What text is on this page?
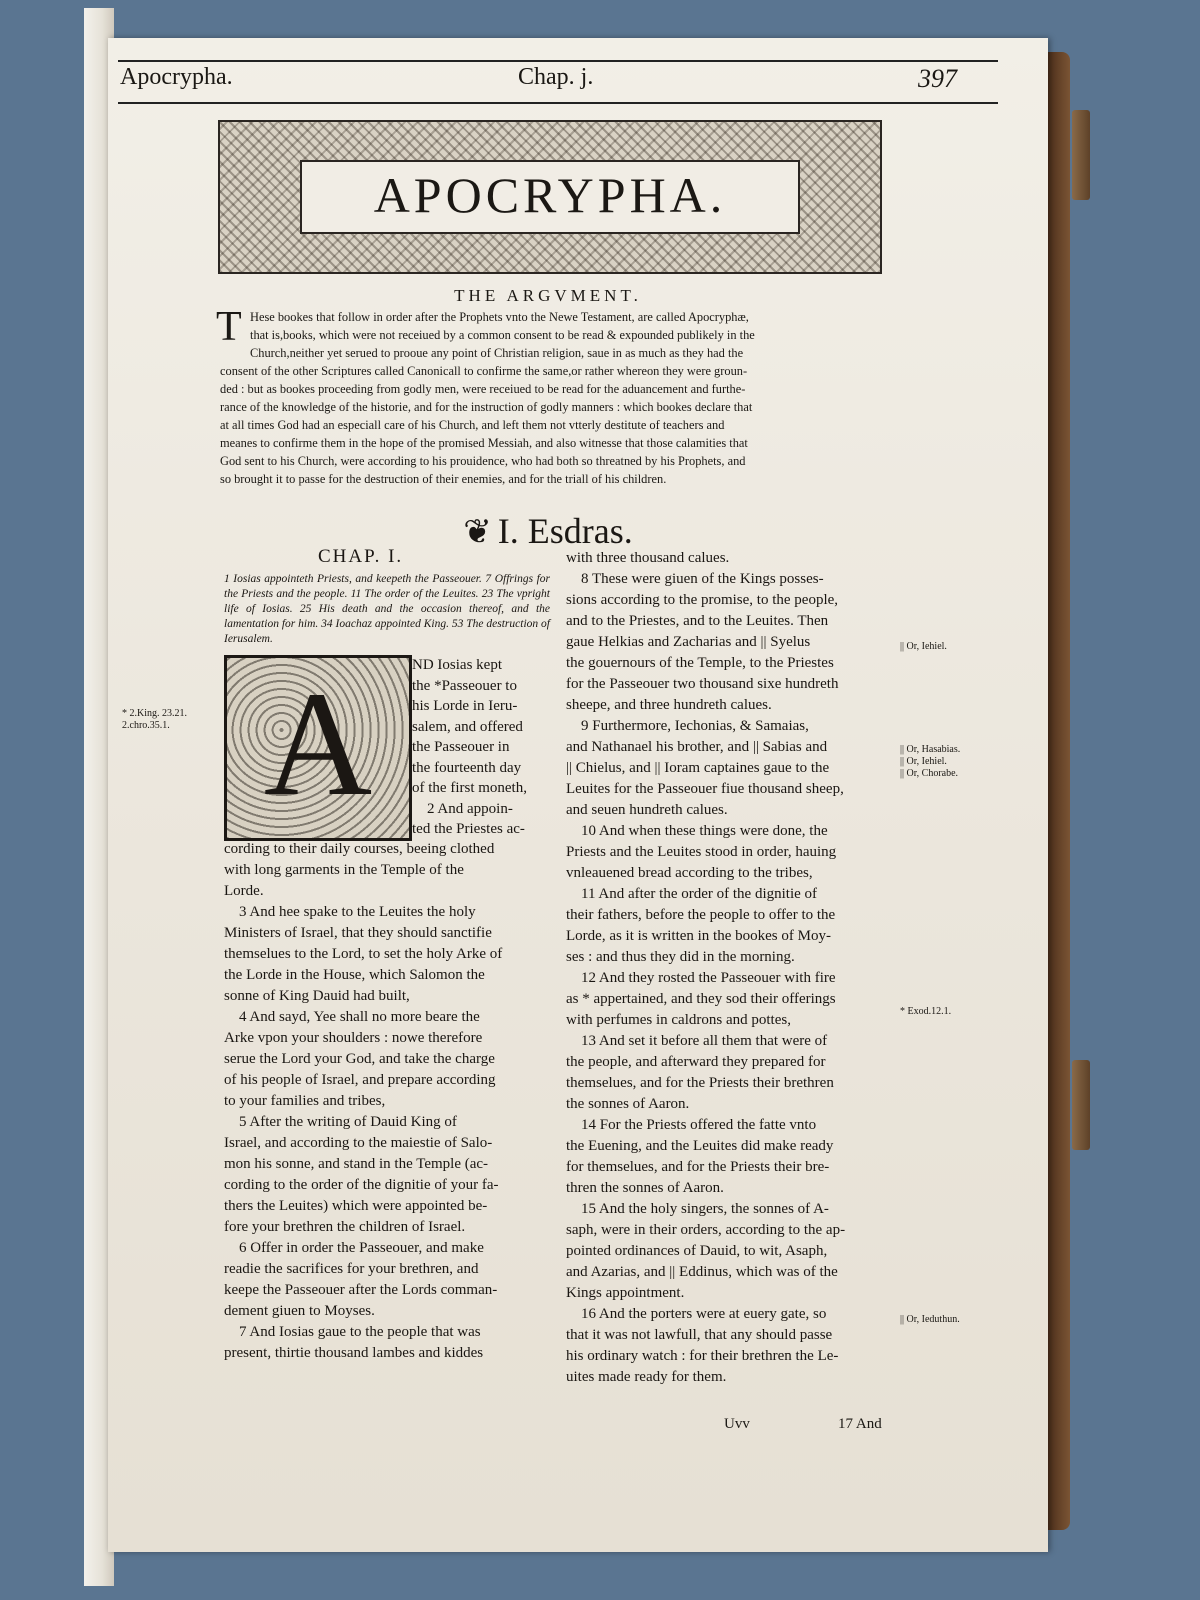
Apocrypha.	Chap. j.	397
APOCRYPHA.
THE ARGVMENT.
T Hese bookes that follow in order after the Prophets vnto the Newe Testament, are called Apocryphæ,
that is,books, which were not receiued by a common consent to be read & expounded publikely in the
Church,neither yet serued to prooue any point of Christian religion, saue in as much as they had the
consent of the other Scriptures called Canonicall to confirme the same,or rather whereon they were groun-
ded : but as bookes proceeding from godly men, were receiued to be read for the aduancement and furthe-
rance of the knowledge of the historie, and for the instruction of godly manners : which bookes declare that
at all times God had an especiall care of his Church, and left them not vtterly destitute of teachers and
meanes to confirme them in the hope of the promised Messiah, and also witnesse that those calamities that
God sent to his Church, were according to his prouidence, who had both so threatned by his Prophets, and
so brought it to passe for the destruction of their enemies, and for the triall of his children.
❦ I. Esdras.
CHAP. I.
1 Iosias appointeth Priests, and keepeth the Passeouer. 7 Offrings for the Priests and the people. 11 The order of the Leuites. 23 The vpright life of Iosias. 25 His death and the occasion thereof, and the lamentation for him. 34 Ioachaz appointed King. 53 The destruction of Ierusalem.
A	ND Iosias kept
the *Passeouer to
his Lorde in Ieru-
salem, and offered
the Passeouer in
the fourteenth day
of the first moneth,
2 And appoin-
ted the Priestes ac-
cording to their daily courses, beeing clothed
with long garments in the Temple of the
Lorde.
3 And hee spake to the Leuites the holy
Ministers of Israel, that they should sanctifie
themselues to the Lord, to set the holy Arke of
the Lorde in the House, which Salomon the
sonne of King Dauid had built,
4 And sayd, Yee shall no more beare the
Arke vpon your shoulders : nowe therefore
serue the Lord your God, and take the charge
of his people of Israel, and prepare according
to your families and tribes,
5 After the writing of Dauid King of
Israel, and according to the maiestie of Salo-
mon his sonne, and stand in the Temple (ac-
cording to the order of the dignitie of your fa-
thers the Leuites) which were appointed be-
fore your brethren the children of Israel.
6 Offer in order the Passeouer, and make
readie the sacrifices for your brethren, and
keepe the Passeouer after the Lords comman-
dement giuen to Moyses.
7 And Iosias gaue to the people that was
present, thirtie thousand lambes and kiddes
with three thousand calues.
8 These were giuen of the Kings posses-
sions according to the promise, to the people,
and to the Priestes, and to the Leuites. Then
gaue Helkias and Zacharias and || Syelus
the gouernours of the Temple, to the Priestes
for the Passeouer two thousand sixe hundreth
sheepe, and three hundreth calues.
9 Furthermore, Iechonias, & Samaias,
and Nathanael his brother, and || Sabias and
|| Chielus, and || Ioram captaines gaue to the
Leuites for the Passeouer fiue thousand sheep,
and seuen hundreth calues.
10 And when these things were done, the
Priests and the Leuites stood in order, hauing
vnleauened bread according to the tribes,
11 And after the order of the dignitie of
their fathers, before the people to offer to the
Lorde, as it is written in the bookes of Moy-
ses : and thus they did in the morning.
12 And they rosted the Passeouer with fire
as * appertained, and they sod their offerings
with perfumes in caldrons and pottes,
13 And set it before all them that were of
the people, and afterward they prepared for
themselues, and for the Priests their brethren
the sonnes of Aaron.
14 For the Priests offered the fatte vnto
the Euening, and the Leuites did make ready
for themselues, and for the Priests their bre-
thren the sonnes of Aaron.
15 And the holy singers, the sonnes of A-
saph, were in their orders, according to the ap-
pointed ordinances of Dauid, to wit, Asaph,
and Azarias, and || Eddinus, which was of the
Kings appointment.
16 And the porters were at euery gate, so
that it was not lawfull, that any should passe
his ordinary watch : for their brethren the Le-
uites made ready for them.
* 2.King. 23.21.
2.chro.35.1.
|| Or, Iehiel.
|| Or, Hasabias.
|| Or, Iehiel.
|| Or, Chorabe.
* Exod.12.1.
|| Or, Ieduthun.
Uvv	17 And
